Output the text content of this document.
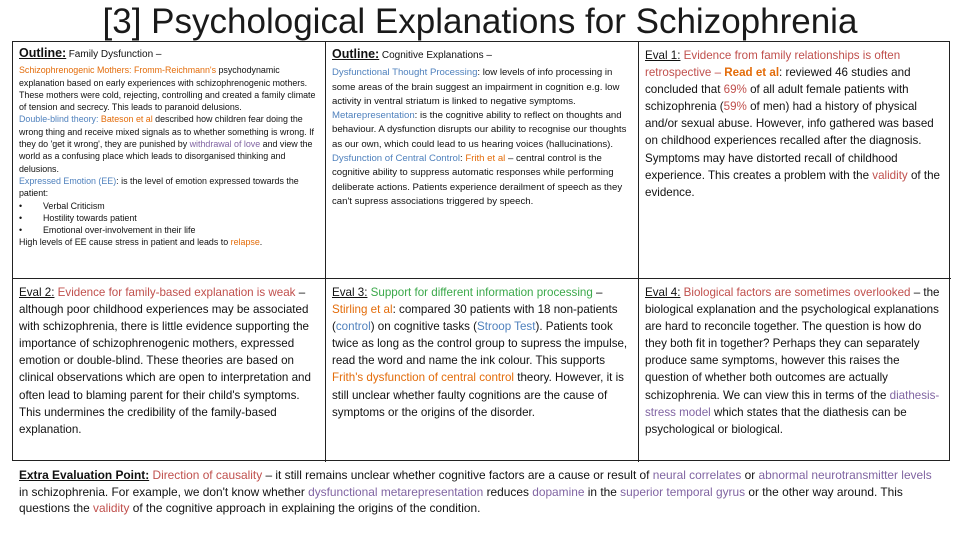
[3] Psychological Explanations for Schizophrenia
Outline: Family Dysfunction –
Schizophrenogenic Mothers: Fromm-Reichmann's psychodynamic explanation based on early experiences with schizophrenogenic mothers. These mothers were cold, rejecting, controlling and created a family climate of tension and secrecy. This leads to paranoid delusions.
Double-blind theory: Bateson et al described how children fear doing the wrong thing and receive mixed signals as to whether something is wrong. If they do 'get it wrong', they are punished by withdrawal of love and view the world as a confusing place which leads to disorganised thinking and delusions.
Expressed Emotion (EE): is the level of emotion expressed towards the patient:
•	Verbal Criticism
•	Hostility towards patient
•	Emotional over-involvement in their life
High levels of EE cause stress in patient and leads to relapse.
Outline: Cognitive Explanations –
Dysfunctional Thought Processing: low levels of info processing in some areas of the brain suggest an impairment in cognition e.g. low activity in ventral striatum is linked to negative symptoms.
Metarepresentation: is the cognitive ability to reflect on thoughts and behaviour. A dysfunction disrupts our ability to recognise our thoughts as our own, which could lead to us hearing voices (hallucinations).
Dysfunction of Central Control: Frith et al – central control is the cognitive ability to suppress automatic responses while performing deliberate actions. Patients experience derailment of speech as they can't supress associations triggered by speech.
Eval 1: Evidence from family relationships is often retrospective – Read et al: reviewed 46 studies and concluded that 69% of all adult female patients with schizophrenia (59% of men) had a history of physical and/or sexual abuse. However, info gathered was based on childhood experiences recalled after the diagnosis. Symptoms may have distorted recall of childhood experience. This creates a problem with the validity of the evidence.
Eval 2: Evidence for family-based explanation is weak – although poor childhood experiences may be associated with schizophrenia, there is little evidence supporting the importance of schizophrenogenic mothers, expressed emotion or double-blind. These theories are based on clinical observations which are open to interpretation and often lead to blaming parent for their child's symptoms. This undermines the credibility of the family-based explanation.
Eval 3: Support for different information processing – Stirling et al: compared 30 patients with 18 non-patients (control) on cognitive tasks (Stroop Test). Patients took twice as long as the control group to supress the impulse, read the word and name the ink colour. This supports Frith's dysfunction of central control theory. However, it is still unclear whether faulty cognitions are the cause of symptoms or the origins of the disorder.
Eval 4: Biological factors are sometimes overlooked – the biological explanation and the psychological explanations are hard to reconcile together. The question is how do they both fit in together? Perhaps they can separately produce same symptoms, however this raises the question of whether both outcomes are actually schizophrenia. We can view this in terms of the diathesis-stress model which states that the diathesis can be psychological or biological.
Extra Evaluation Point: Direction of causality – it still remains unclear whether cognitive factors are a cause or result of neural correlates or abnormal neurotransmitter levels in schizophrenia. For example, we don't know whether dysfunctional metarepresentation reduces dopamine in the superior temporal gyrus or the other way around. This questions the validity of the cognitive approach in explaining the origins of the condition.
